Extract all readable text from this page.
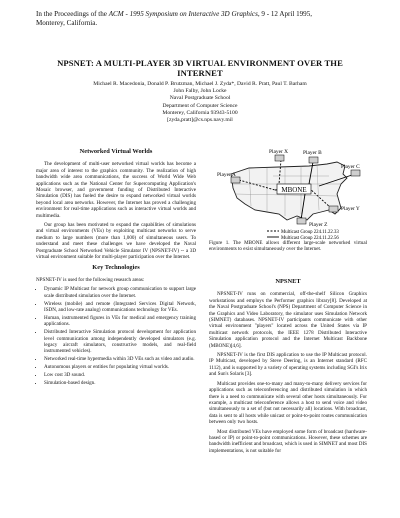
In the Proceedings of the ACM - 1995 Symposium on Interactive 3D Graphics, 9 - 12 April 1995,
Monterey, California.
NPSNET: A MULTI-PLAYER 3D VIRTUAL ENVIRONMENT OVER THE
INTERNET
Michael R. Macedonia, Donald P. Brutzman, Michael J. Zyda*, David R. Pratt, Paul T. Barham
John Falby, John Locke
Naval Postgraduate School
Department of Computer Science
Monterey, California 93943-5100
[zyda,pratt]@cs.nps.navy.mil
Networked Virtual Worlds

The development of multi-user networked virtual worlds has become a major area of interest to the graphics community. The realization of high bandwidth wide area communications, the success of World Wide Web applications such as the National Center for Supercomputing Application's Mosaic browser, and government funding of Distributed Interactive Simulation (DIS) has fueled the desire to expand networked virtual worlds beyond local area networks. However, the Internet has proved a challenging environment for real-time applications such as interactive virtual worlds and multimedia.

Our group has been motivated to expand the capabilities of simulations and virtual environments (VEs) by exploiting multicast networks to serve medium to large numbers (more than 1,000) of simultaneous users. To understand and meet these challenges we have developed the Naval Postgraduate School Networked Vehicle Simulator IV (NPSNET-IV) -- a 3D virtual environment suitable for multi-player participation over the Internet.

Key Technologies

NPSNET-IV is used for the following research areas:

• Dynamic IP Multicast for network group communication to support large scale distributed simulation over the Internet.
• Wireless (mobile) and remote (Integrated Services Digital Network, ISDN, and low-rate analog) communications technology for VEs.
• Human, instrumented figures in VEs for medical and emergency training applications.
• Distributed Interactive Simulation protocol development for application level communication among independently developed simulators (e.g. legacy aircraft simulators, constructive models, and real-field instrumented vehicles).
• Networked real-time hypermedia within 3D VEs such as video and audio.
• Autonomous players or entities for populating virtual worlds.
• Low cost 3D sound.
• Simulation-based design.
MBONE
Player A
Player X	Player B
Player C
Player Y
Player Z
Multicast Group 224.11.22.33
Multicast Group 224.11.22.56
Figure 1. The MBONE allows different large-scale networked virtual environments to exist simultaneously over the Internet.
NPSNET

NPSNET-IV runs on commercial, off-the-shelf Silicon Graphics workstations and employs the Performer graphics library[8]. Developed at the Naval Postgraduate School's (NPS) Department of Computer Science in the Graphics and Video Laboratory, the simulator uses Simulation Network (SIMNET) databases. NPSNET-IV participants communicate with other virtual environment "players" located across the United States via IP multicast network protocols, the IEEE 1278 Distributed Interactive Simulation application protocol and the Internet Multicast Backbone (MBONE)[4,6].

NPSNET-IV is the first DIS application to use the IP Multicast protocol. IP Multicast, developed by Steve Deering, is an Internet standard (RFC 1112), and is supported by a variety of operating systems including SGI's Irix and Sun's Solaris [3].

Multicast provides one-to-many and many-to-many delivery services for applications such as teleconferencing and distributed simulation in which there is a need to communicate with several other hosts simultaneously. For example, a multicast teleconference allows a host to send voice and video simultaneously to a set of (but not necessarily all) locations. With broadcast, data is sent to all hosts while unicast or point-to-point routes communication between only two hosts.

Most distributed VEs have employed some form of broadcast (hardware-based or IP) or point-to-point communications. However, these schemes are bandwidth inefficient and broadcast, which is used in SIMNET and most DIS implementations, is not suitable for
